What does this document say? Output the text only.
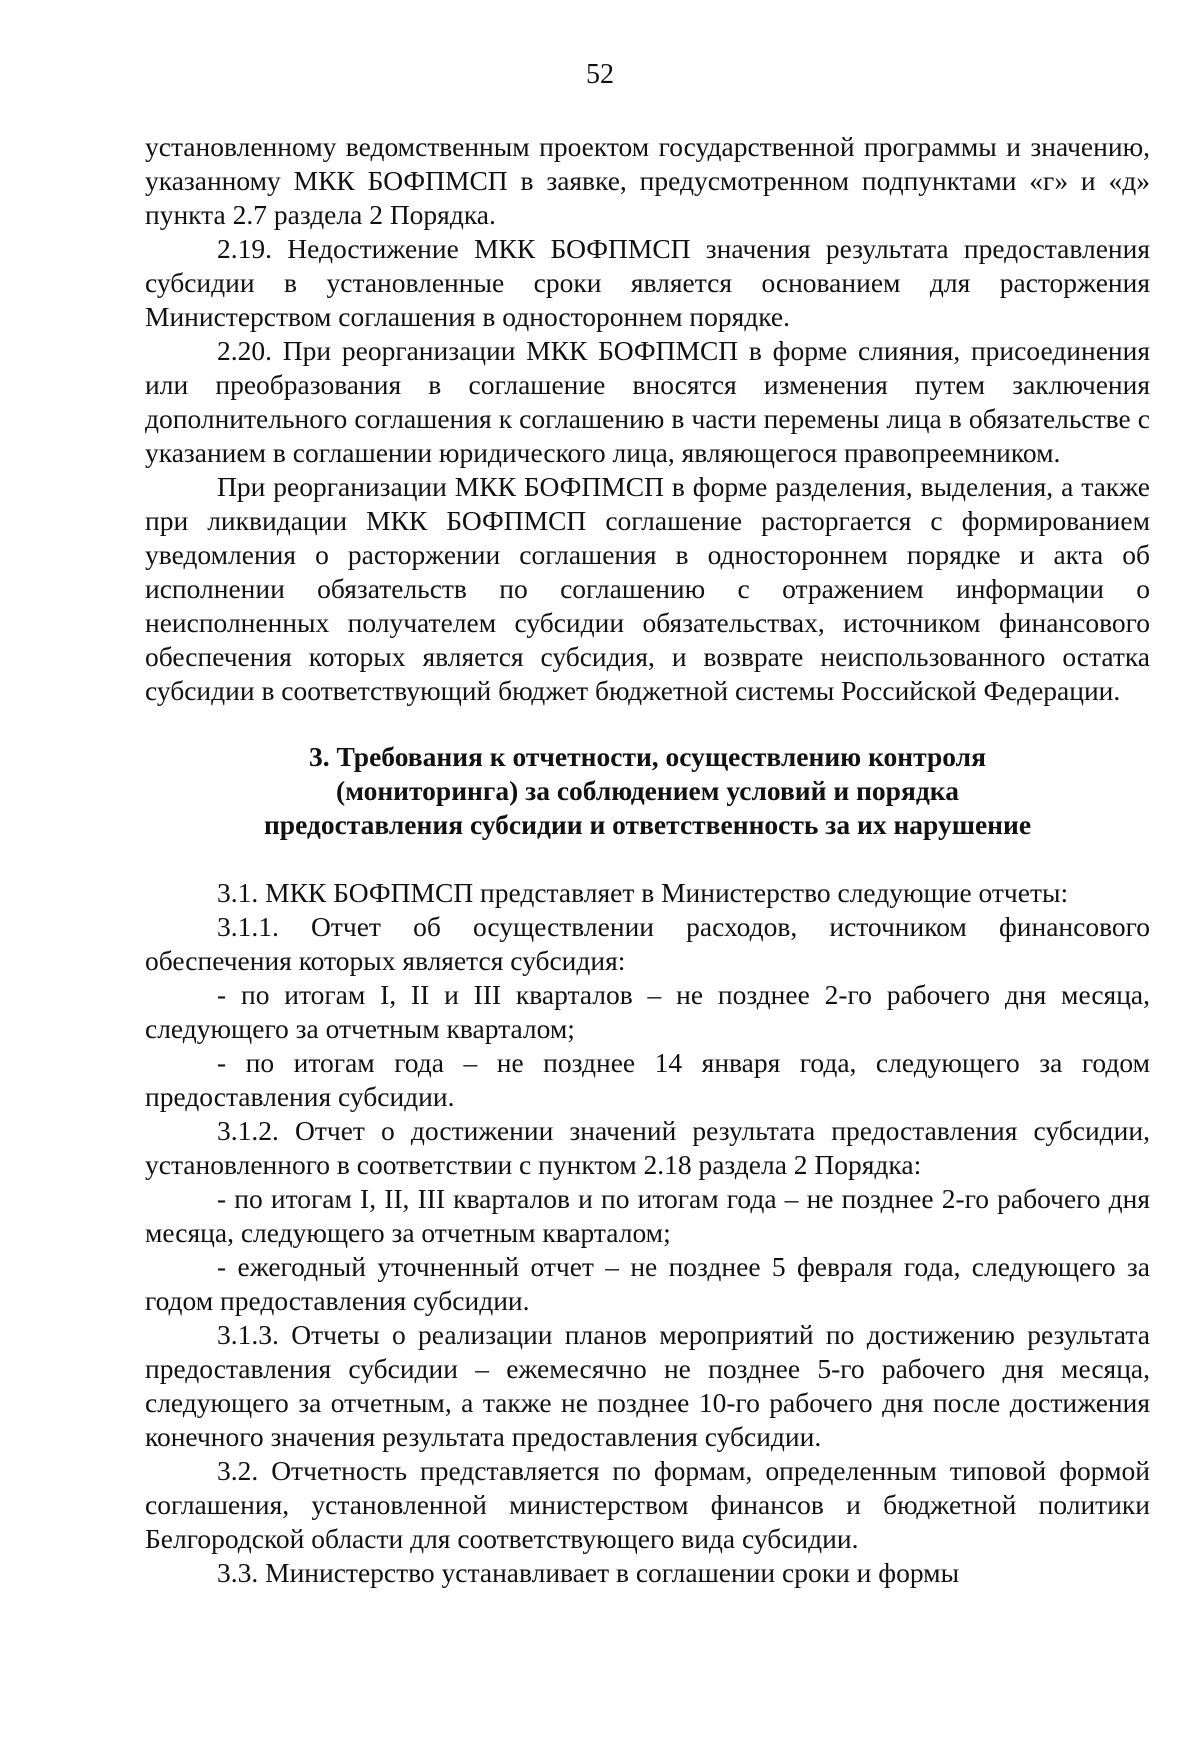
52

установленному ведомственным проектом государственной программы и значению, указанному МКК БОФПМСП в заявке, предусмотренном подпунктами «г» и «д» пункта 2.7 раздела 2 Порядка.

2.19. Недостижение МКК БОФПМСП значения результата предоставления субсидии в установленные сроки является основанием для расторжения Министерством соглашения в одностороннем порядке.

2.20. При реорганизации МКК БОФПМСП в форме слияния, присоединения или преобразования в соглашение вносятся изменения путем заключения дополнительного соглашения к соглашению в части перемены лица в обязательстве с указанием в соглашении юридического лица, являющегося правопреемником.

При реорганизации МКК БОФПМСП в форме разделения, выделения, а также при ликвидации МКК БОФПМСП соглашение расторгается с формированием уведомления о расторжении соглашения в одностороннем порядке и акта об исполнении обязательств по соглашению с отражением информации о неисполненных получателем субсидии обязательствах, источником финансового обеспечения которых является субсидия, и возврате неиспользованного остатка субсидии в соответствующий бюджет бюджетной системы Российской Федерации.

3. Требования к отчетности, осуществлению контроля
(мониторинга) за соблюдением условий и порядка
предоставления субсидии и ответственность за их нарушение

3.1. МКК БОФПМСП представляет в Министерство следующие отчеты:

3.1.1. Отчет об осуществлении расходов, источником финансового обеспечения которых является субсидия:

- по итогам I, II и III кварталов – не позднее 2-го рабочего дня месяца, следующего за отчетным кварталом;

- по итогам года – не позднее 14 января года, следующего за годом предоставления субсидии.

3.1.2. Отчет о достижении значений результата предоставления субсидии, установленного в соответствии с пунктом 2.18 раздела 2 Порядка:

- по итогам I, II, III кварталов и по итогам года – не позднее 2-го рабочего дня месяца, следующего за отчетным кварталом;

- ежегодный уточненный отчет – не позднее 5 февраля года, следующего за годом предоставления субсидии.

3.1.3. Отчеты о реализации планов мероприятий по достижению результата предоставления субсидии – ежемесячно не позднее 5-го рабочего дня месяца, следующего за отчетным, а также не позднее 10-го рабочего дня после достижения конечного значения результата предоставления субсидии.

3.2. Отчетность представляется по формам, определенным типовой формой соглашения, установленной министерством финансов и бюджетной политики Белгородской области для соответствующего вида субсидии.

3.3. Министерство устанавливает в соглашении сроки и формы
